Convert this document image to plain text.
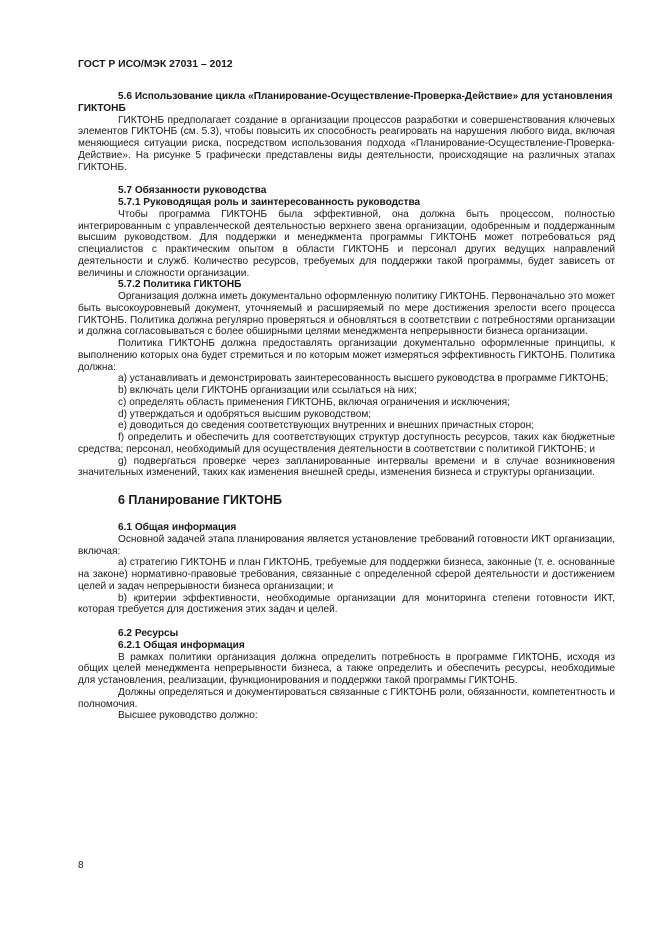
ГОСТ Р ИСО/МЭК 27031 – 2012

5.6 Использование цикла «Планирование-Осуществление-Проверка-Действие» для установления ГИКТОНБ

ГИКТОНБ предполагает создание в организации процессов разработки и совершенствования ключевых элементов ГИКТОНБ (см. 5.3), чтобы повысить их способность реагировать на нарушения любого вида, включая меняющиеся ситуации риска, посредством использования подхода «Планирование-Осуществление-Проверка-Действие». На рисунке 5 графически представлены виды деятельности, происходящие на различных этапах ГИКТОНБ.

5.7 Обязанности руководства

5.7.1 Руководящая роль и заинтересованность руководства

Чтобы программа ГИКТОНБ была эффективной, она должна быть процессом, полностью интегрированным с управленческой деятельностью верхнего звена организации, одобренным и поддержанным высшим руководством. Для поддержки и менеджмента программы ГИКТОНБ может потребоваться ряд специалистов с практическим опытом в области ГИКТОНБ и персонал других ведущих направлений деятельности и служб. Количество ресурсов, требуемых для поддержки такой программы, будет зависеть от величины и сложности организации.

5.7.2 Политика ГИКТОНБ

Организация должна иметь документально оформленную политику ГИКТОНБ. Первоначально это может быть высокоуровневый документ, уточняемый и расширяемый по мере достижения зрелости всего процесса ГИКТОНБ. Политика должна регулярно проверяться и обновляться в соответствии с потребностями организации и должна согласовываться с более обширными целями менеджмента непрерывности бизнеса организации.

Политика ГИКТОНБ должна предоставлять организации документально оформленные принципы, к выполнению которых она будет стремиться и по которым может измеряться эффективность ГИКТОНБ. Политика должна:

a) устанавливать и демонстрировать заинтересованность высшего руководства в программе ГИКТОНБ;

b) включать цели ГИКТОНБ организации или ссылаться на них;

c) определять область применения ГИКТОНБ, включая ограничения и исключения;

d) утверждаться и одобряться высшим руководством;

e) доводиться до сведения соответствующих внутренних и внешних причастных сторон;

f) определить и обеспечить для соответствующих структур доступность ресурсов, таких как бюджетные средства; персонал, необходимый для осуществления деятельности в соответствии с политикой ГИКТОНБ; и

g) подвергаться проверке через запланированные интервалы времени и в случае возникновения значительных изменений, таких как изменения внешней среды, изменения бизнеса и структуры организации.

6 Планирование ГИКТОНБ

6.1 Общая информация

Основной задачей этапа планирования является установление требований готовности ИКТ организации, включая:

a) стратегию ГИКТОНБ и план ГИКТОНБ, требуемые для поддержки бизнеса, законные (т. е. основанные на законе) нормативно-правовые требования, связанные с определенной сферой деятельности и достижением целей и задач непрерывности бизнеса организации; и

b) критерии эффективности, необходимые организации для мониторинга степени готовности ИКТ, которая требуется для достижения этих задач и целей.

6.2 Ресурсы

6.2.1 Общая информация

В рамках политики организация должна определить потребность в программе ГИКТОНБ, исходя из общих целей менеджмента непрерывности бизнеса, а также определить и обеспечить ресурсы, необходимые для установления, реализации, функционирования и поддержки такой программы ГИКТОНБ.

Должны определяться и документироваться связанные с ГИКТОНБ роли, обязанности, компетентность и полномочия.

Высшее руководство должно:

8
